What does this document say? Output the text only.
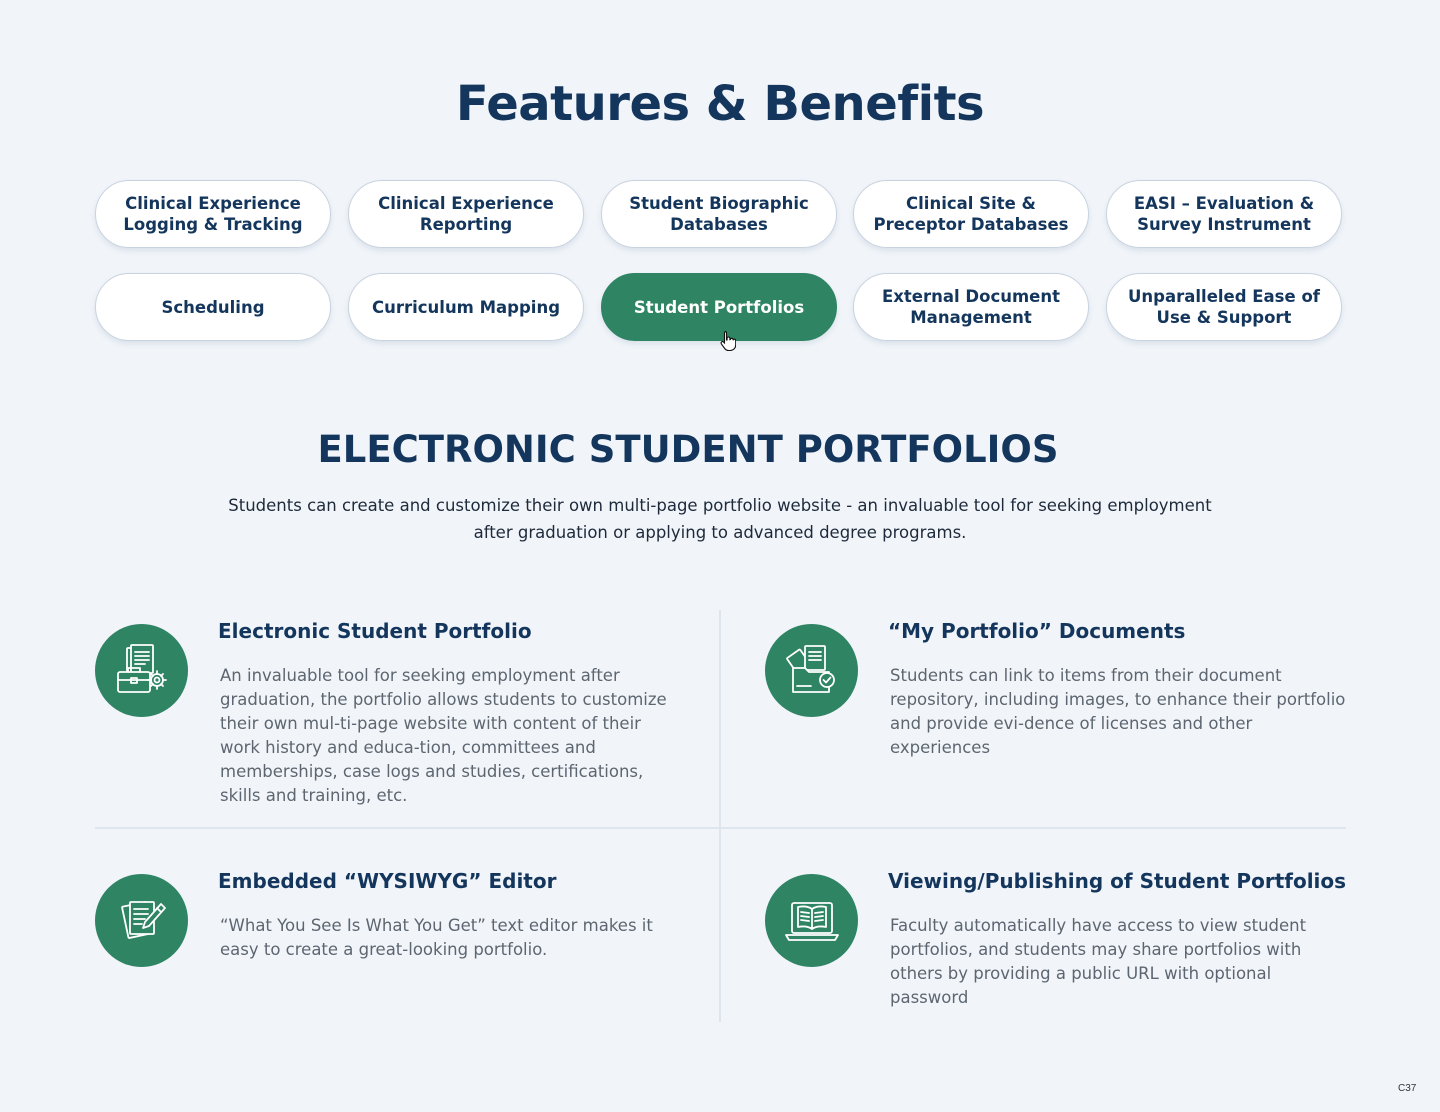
Features & Benefits
Clinical Experience Logging & Tracking
Clinical Experience Reporting
Student Biographic Databases
Clinical Site & Preceptor Databases
EASI – Evaluation & Survey Instrument
Scheduling	Curriculum Mapping	Student Portfolios
External Document Management
Unparalleled Ease of Use & Support
ELECTRONIC STUDENT PORTFOLIOS

Students can create and customize their own multi-page portfolio website - an invaluable tool for seeking employment after graduation or applying to advanced degree programs.

Electronic Student Portfolio

An invaluable tool for seeking employment after graduation, the portfolio allows students to customize their own mul-ti-page website with content of their work history and educa-tion, committees and memberships, case logs and studies, certifications, skills and training, etc.

“My Portfolio” Documents

Students can link to items from their document repository, including images, to enhance their portfolio and provide evi-dence of licenses and other experiences

Embedded “WYSIWYG” Editor

“What You See Is What You Get” text editor makes it easy to create a great-looking portfolio.

Viewing/Publishing of Student Portfolios

Faculty automatically have access to view student portfolios, and students may share portfolios with others by providing a public URL with optional password

C37
